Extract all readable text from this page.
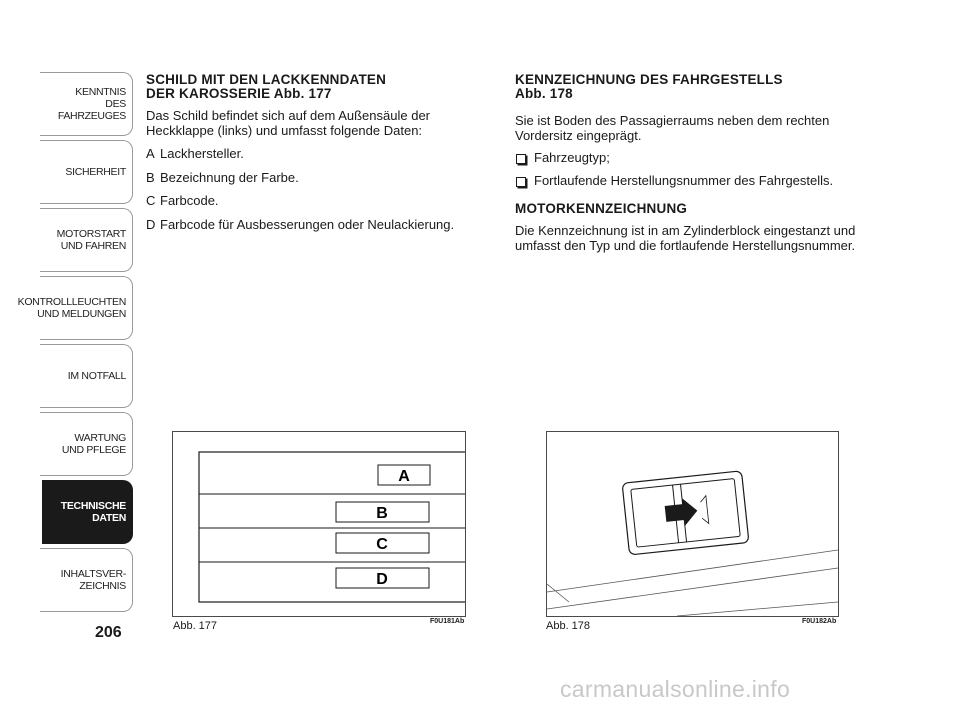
KENNTNIS
DES FAHRZEUGES
SICHERHEIT
MOTORSTART
UND FAHREN
KONTROLLLEUCHTEN
UND MELDUNGEN
IM NOTFALL
WARTUNG
UND PFLEGE
TECHNISCHE
DATEN
INHALTSVER-
ZEICHNIS
206
SCHILD MIT DEN LACKKENNDATEN
DER KAROSSERIE Abb. 177

Das Schild befindet sich auf dem Außensäule der Heckklappe (links) und umfasst folgende Daten:

A Lackhersteller.
B Bezeichnung der Farbe.
C Farbcode.
D Farbcode für Ausbesserungen oder Neulackierung.
KENNZEICHNUNG DES FAHRGESTELLS
Abb. 178

Sie ist Boden des Passagierraums neben dem rechten Vordersitz eingeprägt.

Fahrzeugtyp;
Fortlaufende Herstellungsnummer des Fahrgestells.
MOTORKENNZEICHNUNG

Die Kennzeichnung ist in am Zylinderblock eingestanzt und umfasst den Typ und die fortlaufende Herstellungsnummer.

A
B
C
D
Abb. 177	F0U181Ab	Abb. 178	F0U182Ab
carmanualsonline.info
